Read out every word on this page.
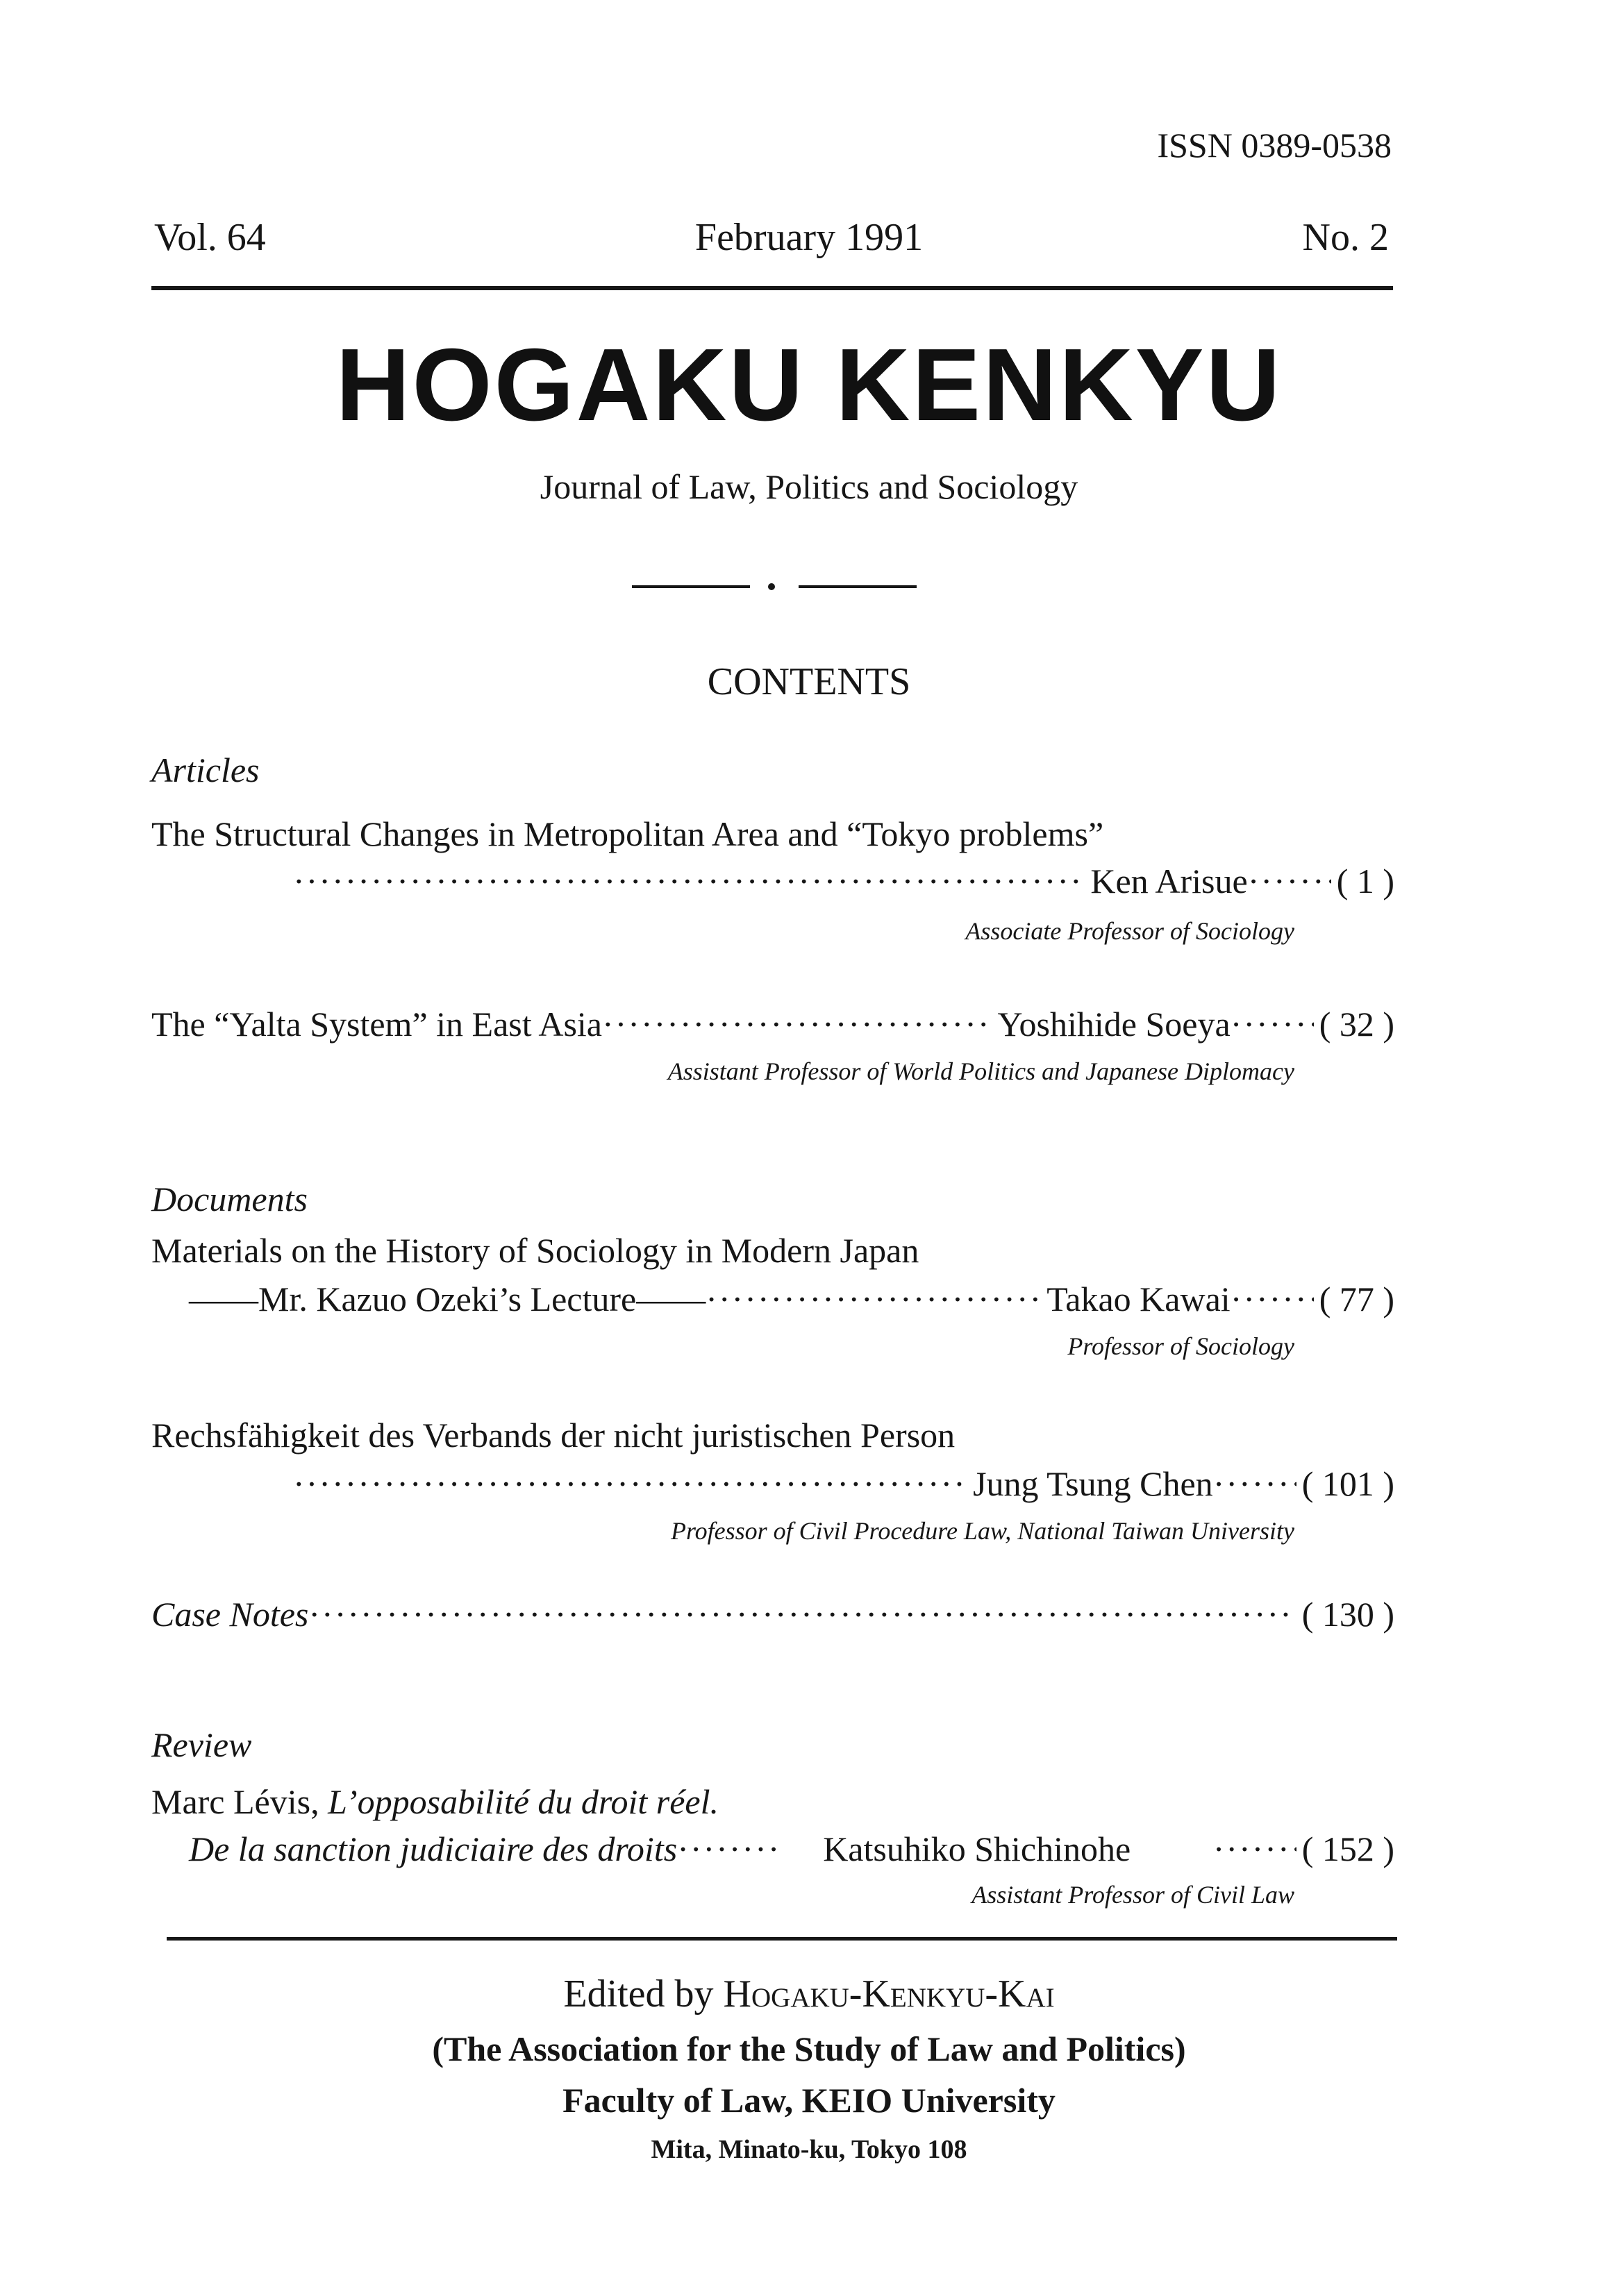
ISSN 0389-0538
Vol. 64	February 1991	No. 2
HOGAKU KENKYU
Journal of Law, Politics and Sociology
CONTENTS
Articles
The Structural Changes in Metropolitan Area and “Tokyo problems”
·····
Ken Arisue ·····	( 1 )
Associate Professor of Sociology
The “Yalta System” in East Asia ·····	Yoshihide Soeya ·····	( 32 )
Assistant Professor of World Politics and Japanese Diplomacy
Documents
Materials on the History of Sociology in Modern Japan
——Mr. Kazuo Ozeki’s Lecture—— ·····	Takao Kawai ·····	( 77 )
Professor of Sociology
Rechsfähigkeit des Verbands der nicht juristischen Person
·····
Jung Tsung Chen ·····	( 101 )
Professor of Civil Procedure Law, National Taiwan University
Case Notes ·····	( 130 )
Review
Marc Lévis, L’opposabilité du droit réel.
De la sanction judiciaire des droits ·····	Katsuhiko Shichinohe ·····	( 152 )
Assistant Professor of Civil Law
Edited by Hogaku-Kenkyu-Kai
(The Association for the Study of Law and Politics)
Faculty of Law, KEIO University
Mita, Minato-ku, Tokyo 108
